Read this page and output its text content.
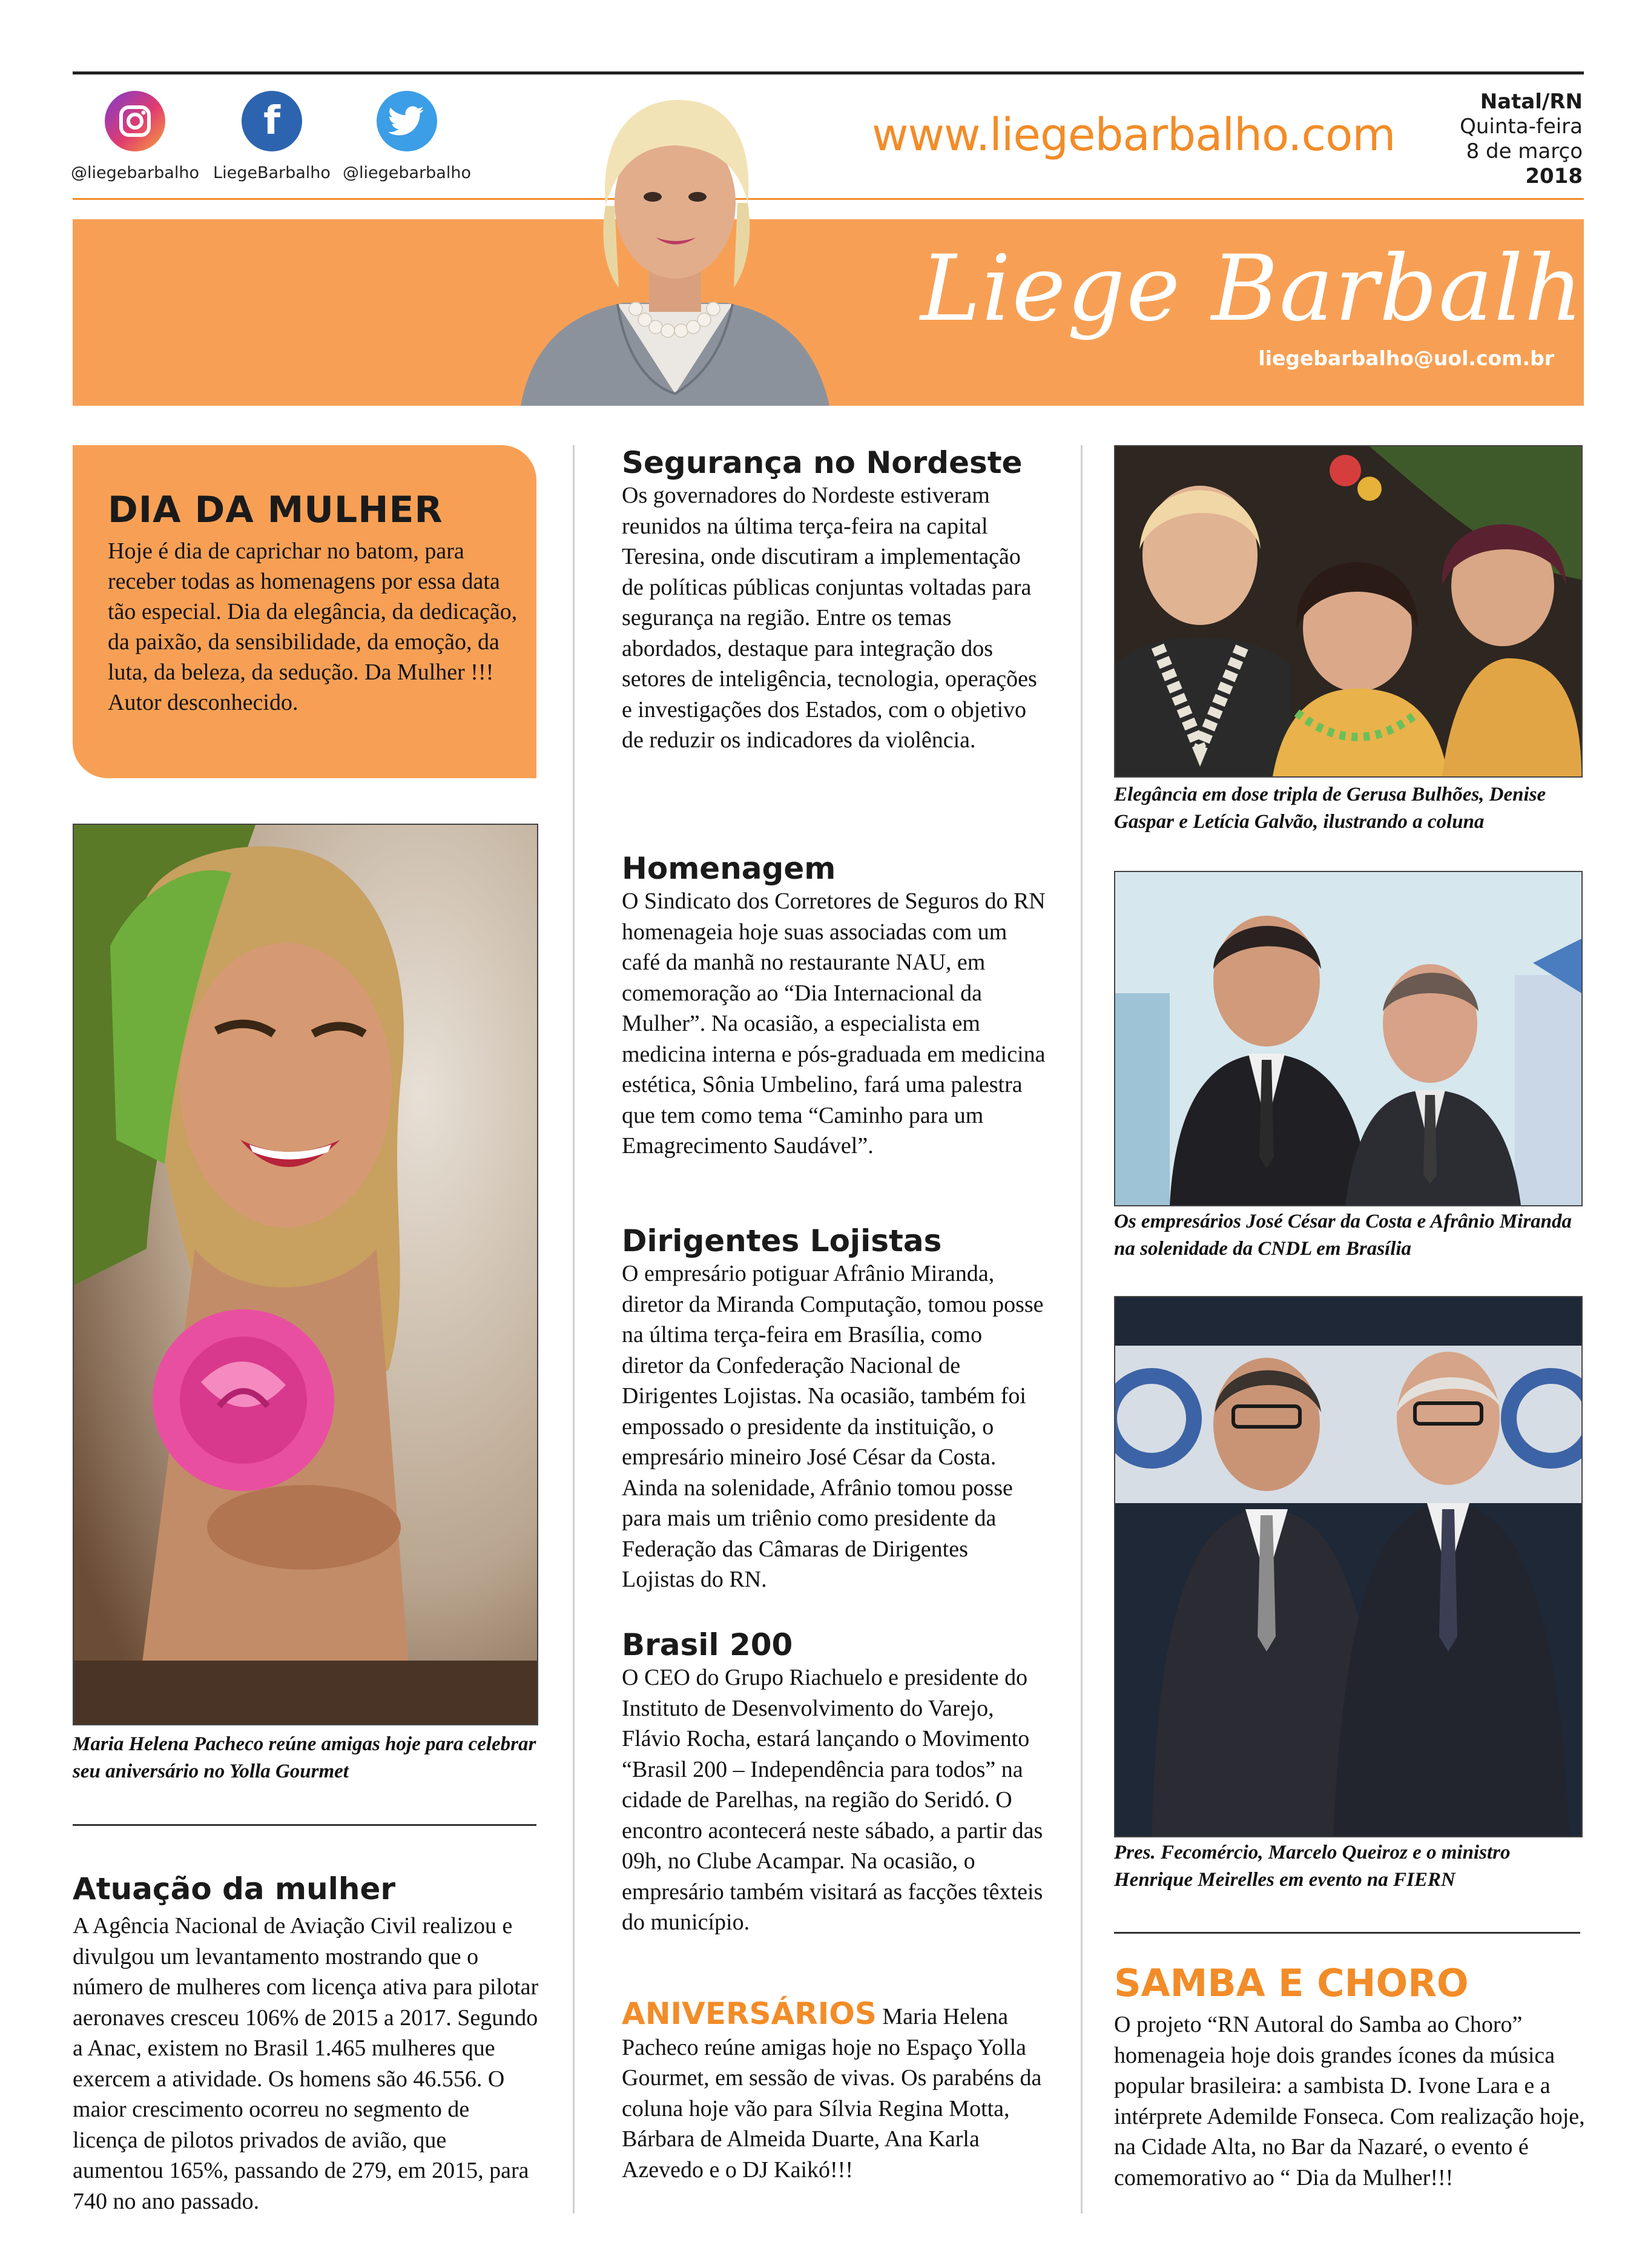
@liegebarbalho
f
LiegeBarbalho @liegebarbalho
www.liegebarbalho.com
Natal/RN
Quinta-feira
8 de março
2018
Liege Barbalho
liegebarbalho@uol.com.br
DIA DA MULHER

Hoje é dia de caprichar no batom, para receber todas as homenagens por essa data tão especial. Dia da elegância, da dedicação, da paixão, da sensibilidade, da emoção, da luta, da beleza, da sedução. Da Mulher !!! Autor desconhecido.

Maria Helena Pacheco reúne amigas hoje para celebrar seu aniversário no Yolla Gourmet
Atuação da mulher

A Agência Nacional de Aviação Civil realizou e divulgou um levantamento mostrando que o número de mulheres com licença ativa para pilotar aeronaves cresceu 106% de 2015 a 2017. Segundo a Anac, existem no Brasil 1.465 mulheres que exercem a atividade. Os homens são 46.556. O maior crescimento ocorreu no segmento de licença de pilotos privados de avião, que aumentou 165%, passando de 279, em 2015, para 740 no ano passado.

Segurança no Nordeste

Os governadores do Nordeste estiveram reunidos na última terça-feira na capital Teresina, onde discutiram a implementação de políticas públicas conjuntas voltadas para segurança na região. Entre os temas abordados, destaque para integração dos setores de inteligência, tecnologia, operações e investigações dos Estados, com o objetivo de reduzir os indicadores da violência.

Homenagem

O Sindicato dos Corretores de Seguros do RN homenageia hoje suas associadas com um café da manhã no restaurante NAU, em comemoração ao “Dia Internacional da Mulher”. Na ocasião, a especialista em medicina interna e pós-graduada em medicina estética, Sônia Umbelino, fará uma palestra que tem como tema “Caminho para um Emagrecimento Saudável”.

Dirigentes Lojistas

O empresário potiguar Afrânio Miranda, diretor da Miranda Computação, tomou posse na última terça-feira em Brasília, como diretor da Confederação Nacional de Dirigentes Lojistas. Na ocasião, também foi empossado o presidente da instituição, o empresário mineiro José César da Costa. Ainda na solenidade, Afrânio tomou posse para mais um triênio como presidente da Federação das Câmaras de Dirigentes Lojistas do RN.

Brasil 200

O CEO do Grupo Riachuelo e presidente do Instituto de Desenvolvimento do Varejo, Flávio Rocha, estará lançando o Movimento “Brasil 200 – Independência para todos” na cidade de Parelhas, na região do Seridó. O encontro acontecerá neste sábado, a partir das 09h, no Clube Acampar. Na ocasião, o empresário também visitará as facções têxteis do município.

ANIVERSÁRIOS Maria Helena Pacheco reúne amigas hoje no Espaço Yolla Gourmet, em sessão de vivas. Os parabéns da coluna hoje vão para Sílvia Regina Motta, Bárbara de Almeida Duarte, Ana Karla Azevedo e o DJ Kaikó!!!

Elegância em dose tripla de Gerusa Bulhões, Denise Gaspar e Letícia Galvão, ilustrando a coluna
Os empresários José César da Costa e Afrânio Miranda na solenidade da CNDL em Brasília
Pres. Fecomércio, Marcelo Queiroz e o ministro Henrique Meirelles em evento na FIERN
SAMBA E CHORO

O projeto “RN Autoral do Samba ao Choro” homenageia hoje dois grandes ícones da música popular brasileira: a sambista D. Ivone Lara e a intérprete Ademilde Fonseca. Com realização hoje, na Cidade Alta, no Bar da Nazaré, o evento é comemorativo ao “ Dia da Mulher!!!
